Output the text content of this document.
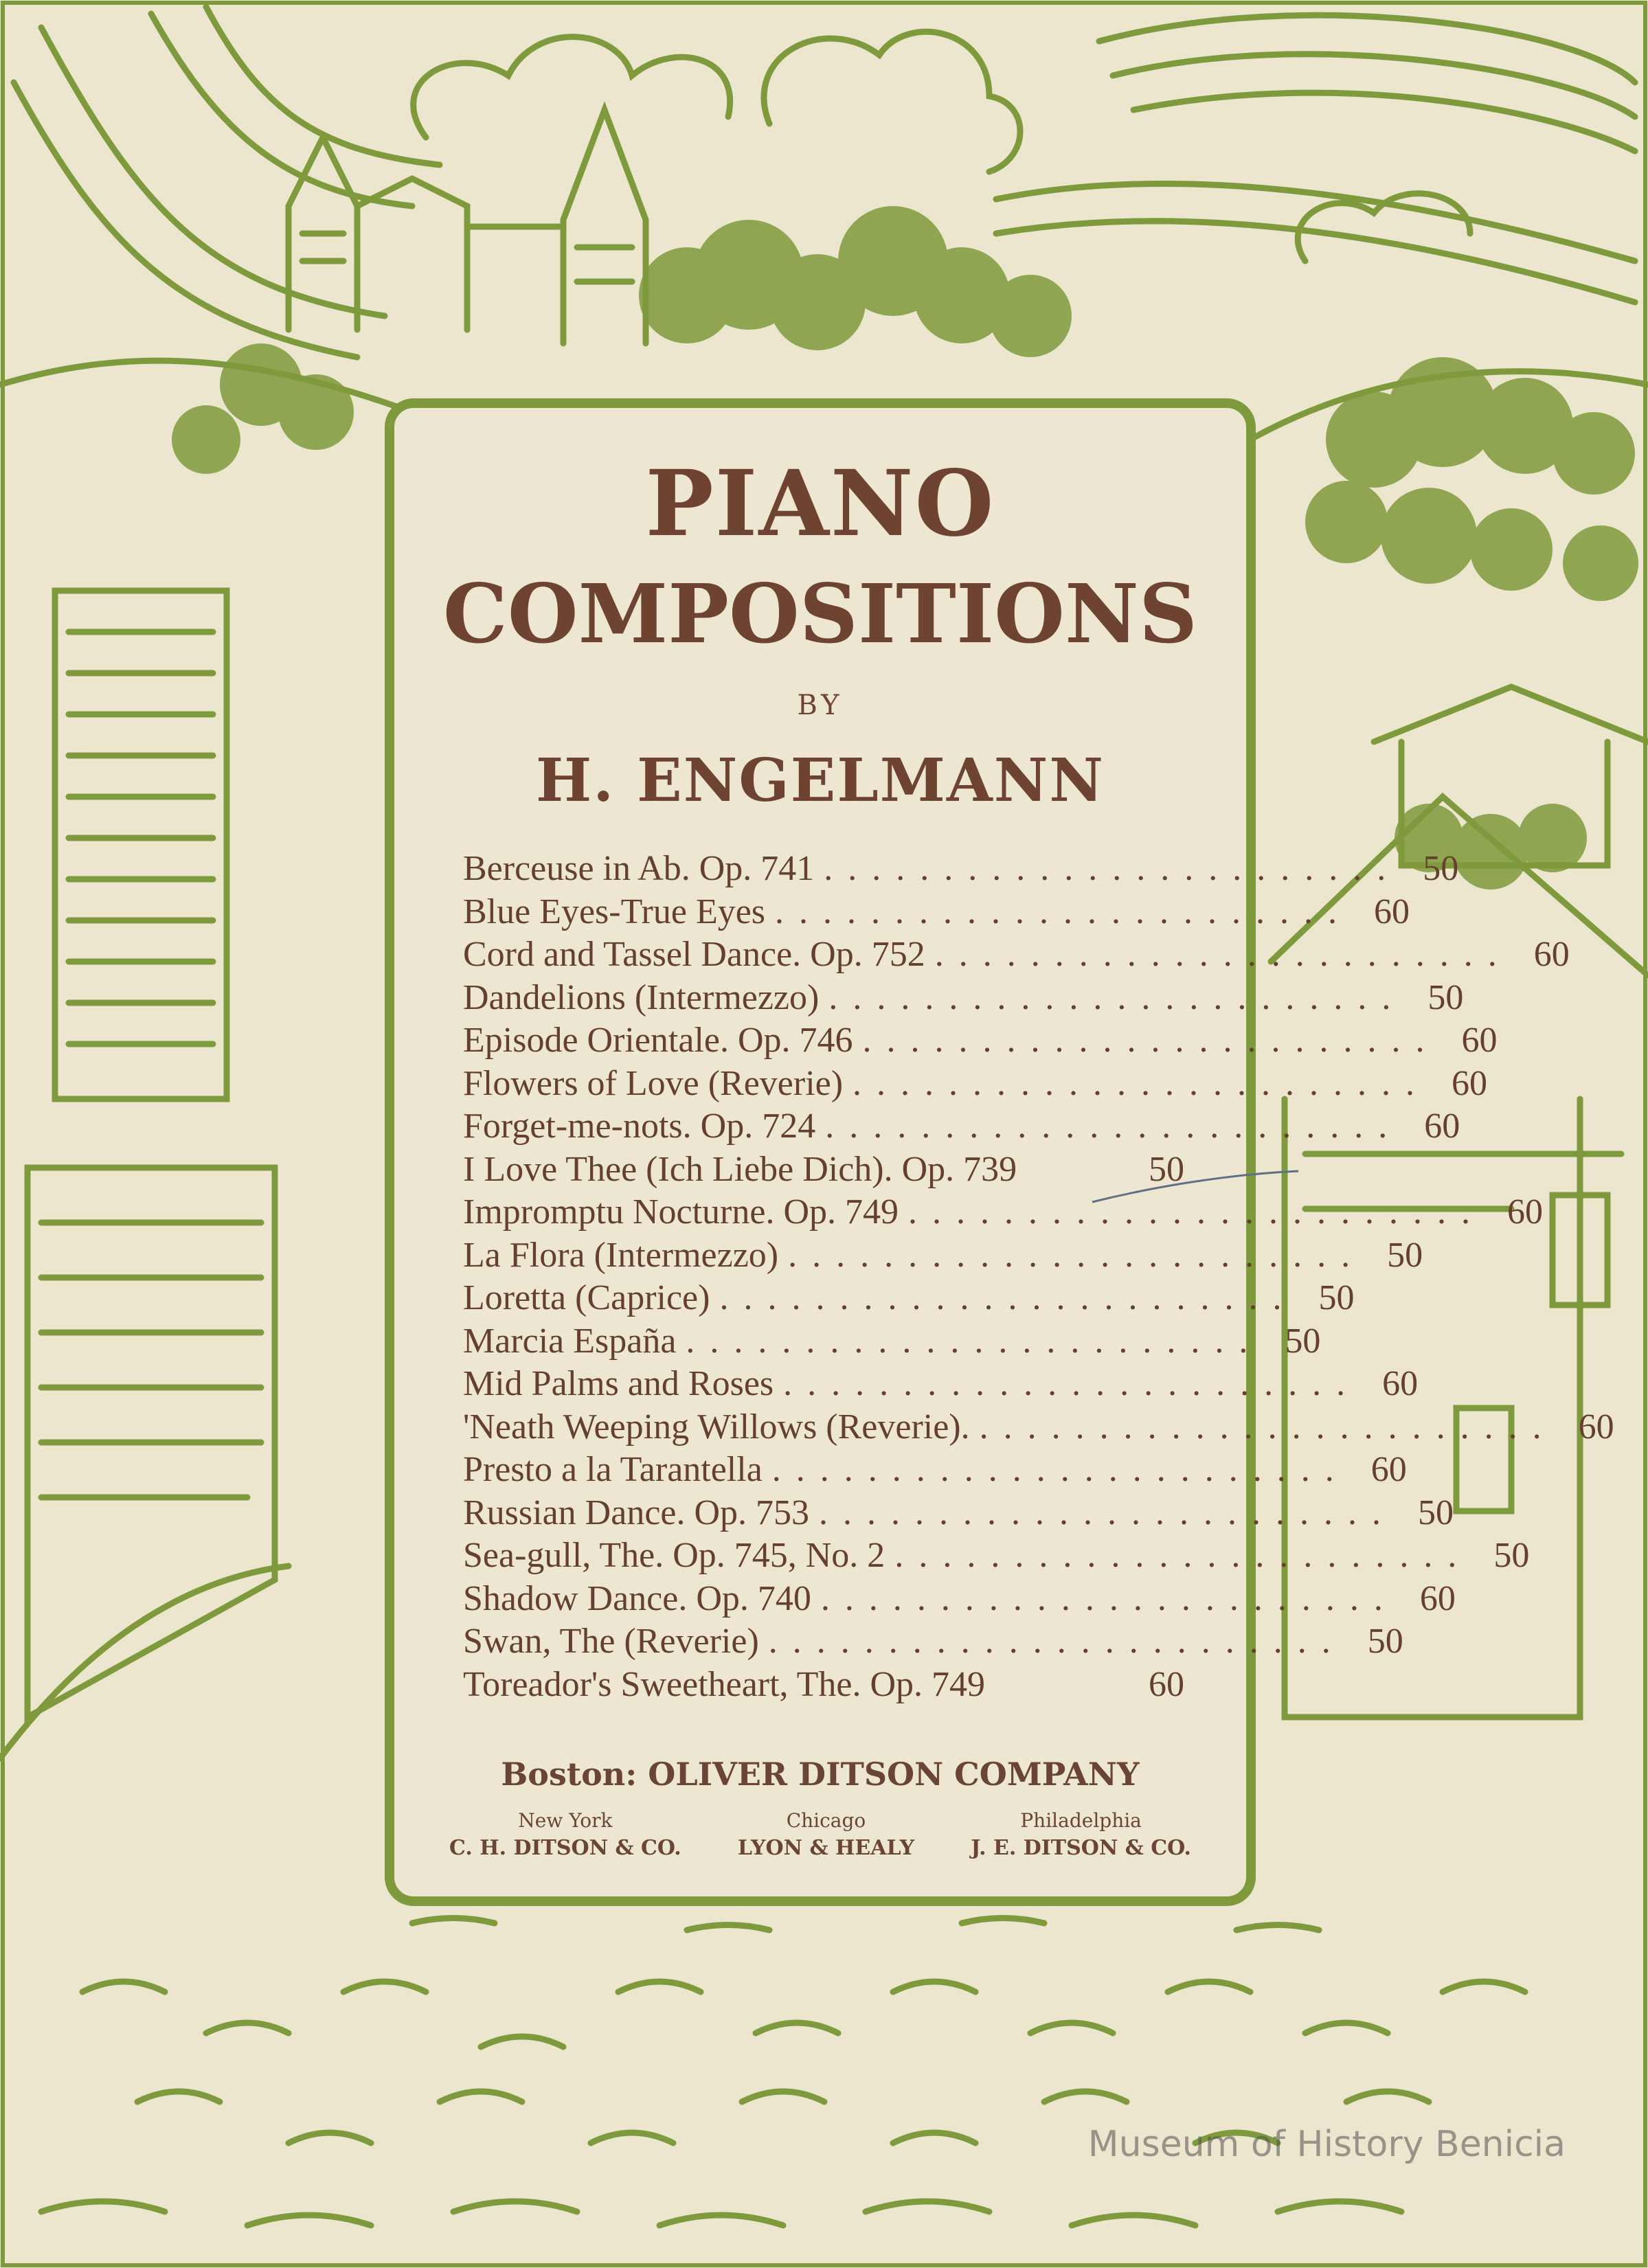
PIANO
COMPOSITIONS
BY
H. ENGELMANN
Berceuse in Ab. Op. 741 ........................ 50
Blue Eyes-True Eyes ........................ 60
Cord and Tassel Dance. Op. 752 ........................ 60
Dandelions (Intermezzo) ........................ 50
Episode Orientale. Op. 746 ........................ 60
Flowers of Love (Reverie) ........................ 60
Forget-me-nots. Op. 724 ........................ 60
I Love Thee (Ich Liebe Dich). Op. 739	50
Impromptu Nocturne. Op. 749 ........................ 60
La Flora (Intermezzo) ........................ 50
Loretta (Caprice) ........................ 50
Marcia España ........................ 50
Mid Palms and Roses ........................ 60
'Neath Weeping Willows (Reverie). ........................ 60
Presto a la Tarantella ........................ 60
Russian Dance. Op. 753 ........................ 50
Sea-gull, The. Op. 745, No. 2 ........................ 50
Shadow Dance. Op. 740 ........................ 60
Swan, The (Reverie) ........................ 50
Toreador's Sweetheart, The. Op. 749	60
Boston: OLIVER DITSON COMPANY
New York
C. H. DITSON & CO.
Chicago
LYON & HEALY
Philadelphia
J. E. DITSON & CO.
Museum of History Benicia
